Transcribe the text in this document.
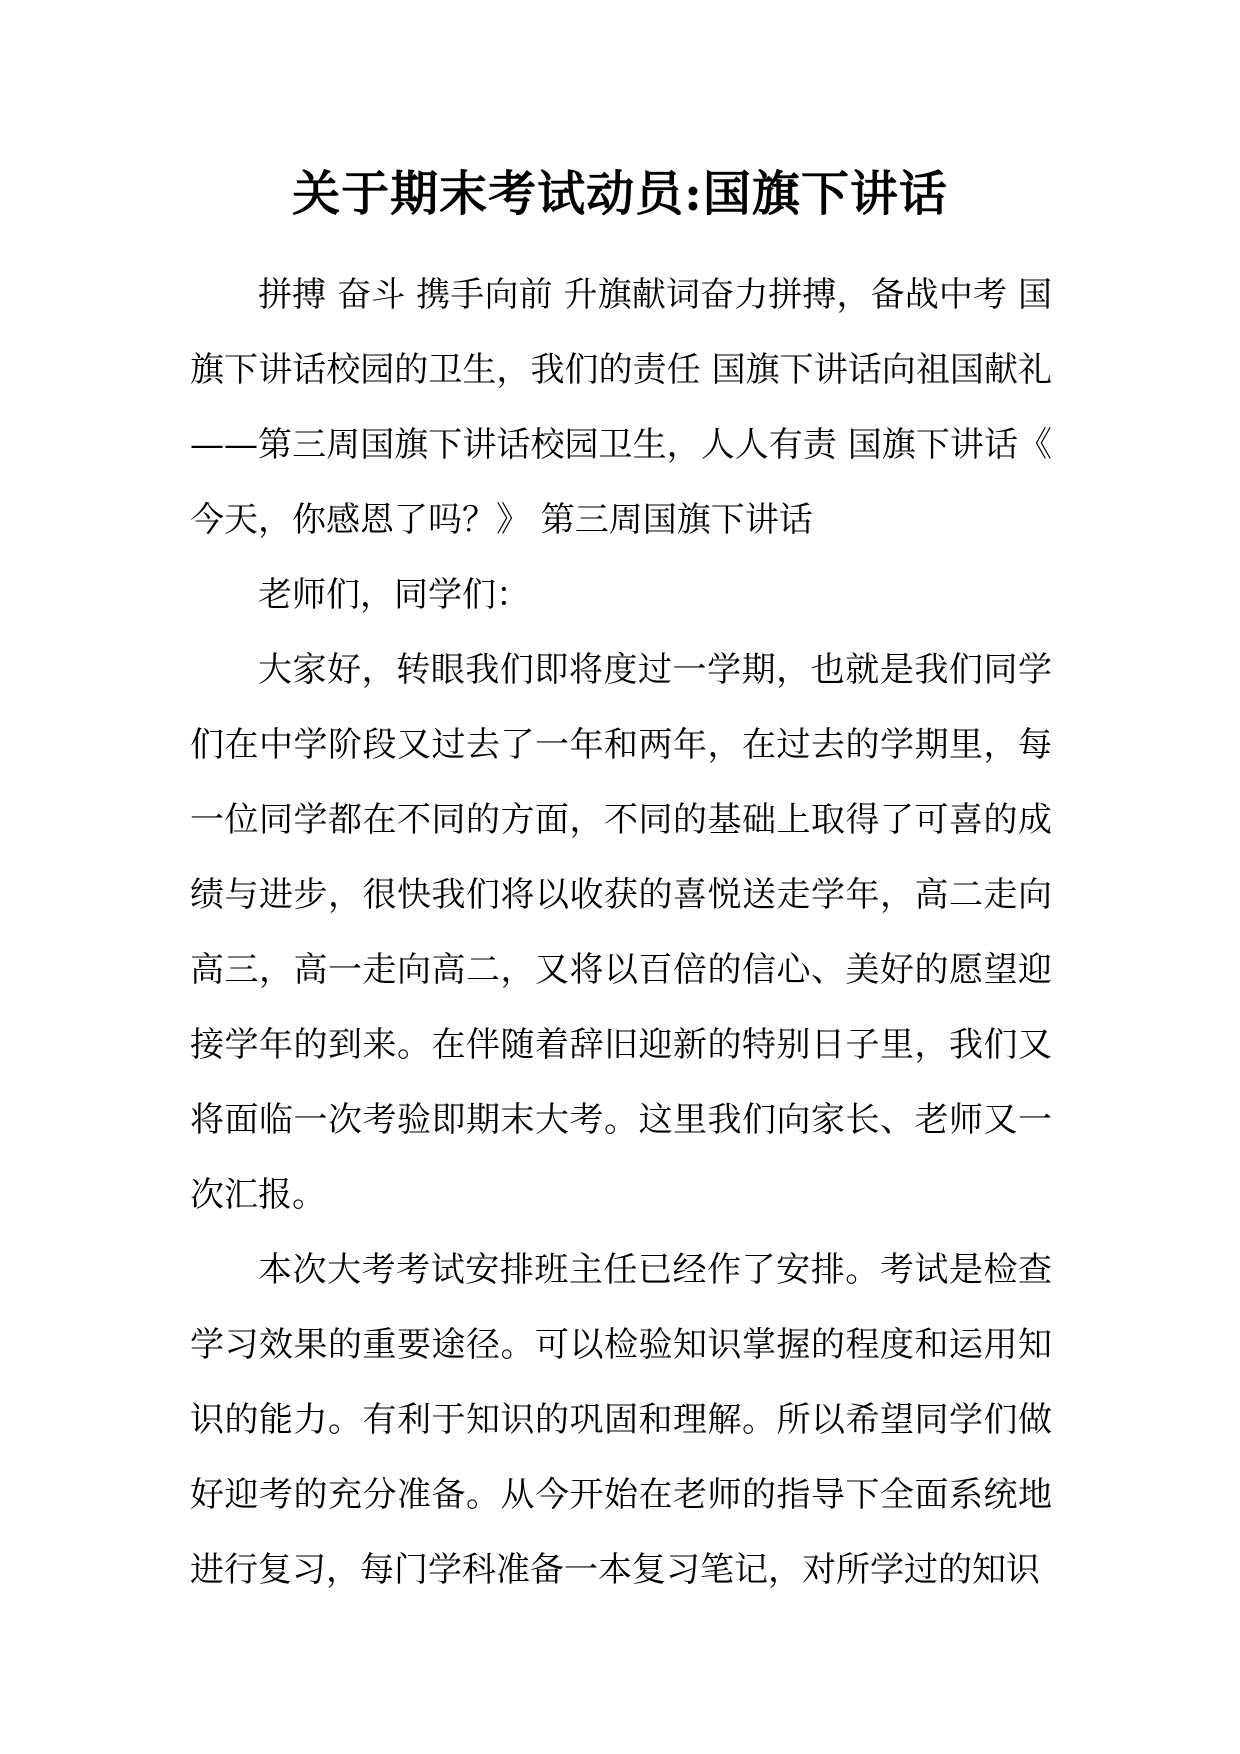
关于期末考试动员:国旗下讲话

拼搏 奋斗 携手向前 升旗献词奋力拼搏，备战中考 国旗下讲话校园的卫生，我们的责任 国旗下讲话向祖国献礼——第三周国旗下讲话校园卫生，人人有责 国旗下讲话《今天，你感恩了吗？》 第三周国旗下讲话

老师们，同学们：

大家好，转眼我们即将度过一学期，也就是我们同学们在中学阶段又过去了一年和两年，在过去的学期里，每一位同学都在不同的方面，不同的基础上取得了可喜的成绩与进步，很快我们将以收获的喜悦送走学年，高二走向高三，高一走向高二，又将以百倍的信心、美好的愿望迎接学年的到来。在伴随着辞旧迎新的特别日子里，我们又将面临一次考验即期末大考。这里我们向家长、老师又一次汇报。

本次大考考试安排班主任已经作了安排。考试是检查学习效果的重要途径。可以检验知识掌握的程度和运用知识的能力。有利于知识的巩固和理解。所以希望同学们做好迎考的充分准备。从今开始在老师的指导下全面系统地进行复习，每门学科准备一本复习笔记，对所学过的知识
